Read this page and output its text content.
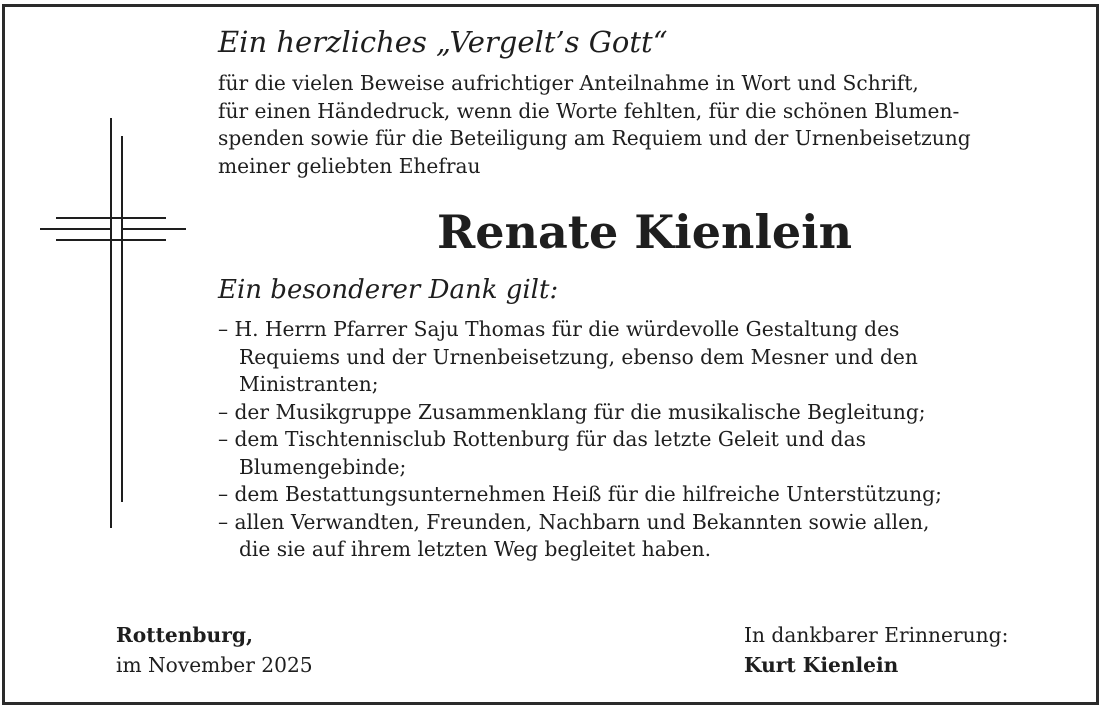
Ein herzliches „Vergelt’s Gott“

für die vielen Beweise aufrichtiger Anteilnahme in Wort und Schrift,
für einen Händedruck, wenn die Worte fehlten, für die schönen Blumen-
spenden sowie für die Beteiligung am Requiem und der Urnenbeisetzung
meiner geliebten Ehefrau

Renate Kienlein
Ein besonderer Dank gilt:
– H. Herrn Pfarrer Saju Thomas für die würdevolle Gestaltung des
Requiems und der Urnenbeisetzung, ebenso dem Mesner und den
Ministranten;
– der Musikgruppe Zusammenklang für die musikalische Begleitung;
– dem Tischtennisclub Rottenburg für das letzte Geleit und das
Blumengebinde;
– dem Bestattungsunternehmen Heiß für die hilfreiche Unterstützung;
– allen Verwandten, Freunden, Nachbarn und Bekannten sowie allen,
die sie auf ihrem letzten Weg begleitet haben.
Rottenburg,
im November 2025
In dankbarer Erinnerung:
Kurt Kienlein
